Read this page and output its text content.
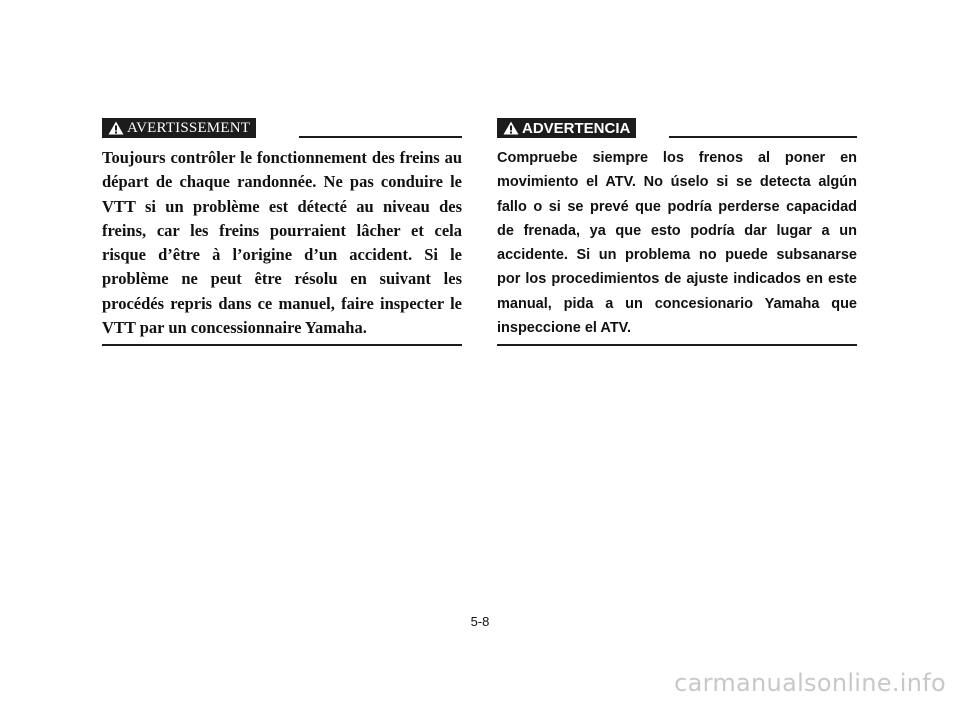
AVERTISSEMENT

Toujours contrôler le fonctionnement des freins au départ de chaque randonnée. Ne pas conduire le VTT si un problème est détecté au niveau des freins, car les freins pourraient lâcher et cela risque d’être à l’origine d’un accident. Si le problème ne peut être résolu en suivant les procédés repris dans ce manuel, faire inspecter le VTT par un concessionnaire Yamaha.

ADVERTENCIA

Compruebe siempre los frenos al poner en movimiento el ATV. No úselo si se detecta algún fallo o si se prevé que podría perderse capacidad de frenada, ya que esto podría dar lugar a un accidente. Si un problema no puede subsanarse por los procedimientos de ajuste indicados en este manual, pida a un concesionario Yamaha que inspeccione el ATV.

5-8
carmanualsonline.info
